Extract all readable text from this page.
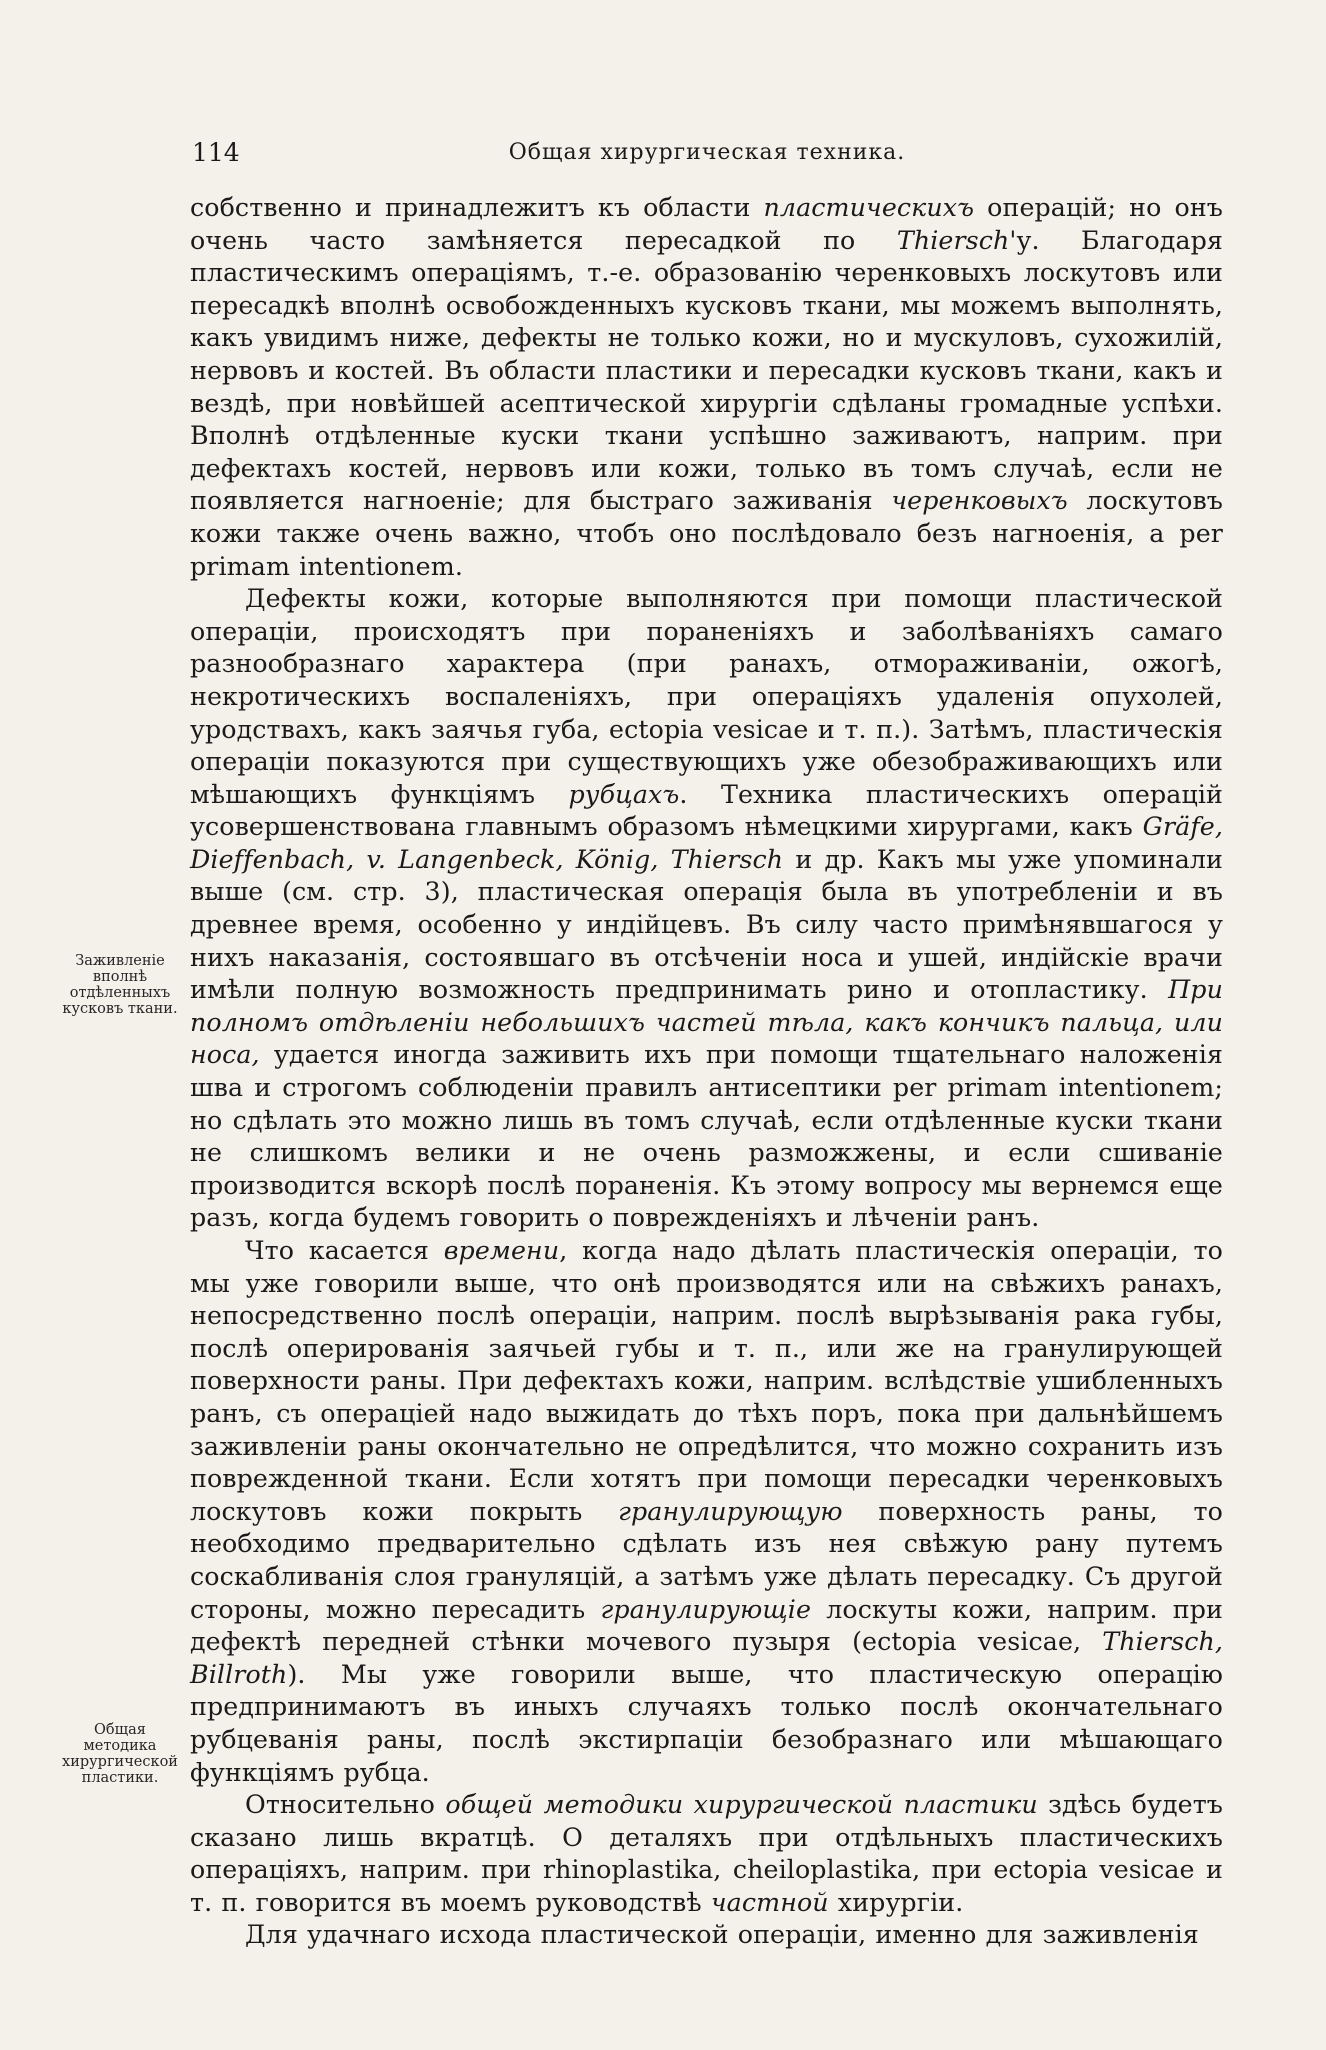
114	Общая хирургическая техника.
Заживленіе вполнѣ отдѣленныхъ кусковъ ткани.
Общая методика хирургической пластики.

собственно и принадлежитъ къ области пластическихъ операцій; но онъ очень часто замѣняется пересадкой по Thiersch'у. Благодаря пластическимъ операціямъ, т.-е. образованію черенковыхъ лоскутовъ или пересадкѣ вполнѣ освобожденныхъ кусковъ ткани, мы можемъ выполнять, какъ увидимъ ниже, дефекты не только кожи, но и мускуловъ, сухожилій, нервовъ и костей. Въ области пластики и пересадки кусковъ ткани, какъ и вездѣ, при новѣйшей асептической хирургіи сдѣланы громадные успѣхи. Вполнѣ отдѣленные куски ткани успѣшно заживаютъ, наприм. при дефектахъ костей, нервовъ или кожи, только въ томъ случаѣ, если не появляется нагноеніе; для быстраго заживанія черенковыхъ лоскутовъ кожи также очень важно, чтобъ оно послѣдовало безъ нагноенія, а per primam intentionem.

Дефекты кожи, которые выполняются при помощи пластической операціи, происходятъ при пораненіяхъ и заболѣваніяхъ самаго разнообразнаго характера (при ранахъ, отмораживаніи, ожогѣ, некротическихъ воспаленіяхъ, при операціяхъ удаленія опухолей, уродствахъ, какъ заячья губа, ectopia vesicae и т. п.). Затѣмъ, пластическія операціи показуются при существующихъ уже обезображивающихъ или мѣшающихъ функціямъ рубцахъ. Техника пластическихъ операцій усовершенствована главнымъ образомъ нѣмецкими хирургами, какъ Gräfe, Dieffenbach, v. Langenbeck, König, Thiersch и др. Какъ мы уже упоминали выше (см. стр. 3), пластическая операція была въ употребленіи и въ древнее время, особенно у индійцевъ. Въ силу часто примѣнявшагося у нихъ наказанія, состоявшаго въ отсѣченіи носа и ушей, индійскіе врачи имѣли полную возможность предпринимать рино и отопластику. При полномъ отдѣленіи небольшихъ частей тѣла, какъ кончикъ пальца, или носа, удается иногда заживить ихъ при помощи тщательнаго наложенія шва и строгомъ соблюденіи правилъ антисептики per primam intentionem; но сдѣлать это можно лишь въ томъ случаѣ, если отдѣленные куски ткани не слишкомъ велики и не очень разможжены, и если сшиваніе производится вскорѣ послѣ пораненія. Къ этому вопросу мы вернемся еще разъ, когда будемъ говорить о поврежденіяхъ и лѣченіи ранъ.

Что касается времени, когда надо дѣлать пластическія операціи, то мы уже говорили выше, что онѣ производятся или на свѣжихъ ранахъ, непосредственно послѣ операціи, наприм. послѣ вырѣзыванія рака губы, послѣ оперированія заячьей губы и т. п., или же на гранулирующей поверхности раны. При дефектахъ кожи, наприм. вслѣдствіе ушибленныхъ ранъ, съ операціей надо выжидать до тѣхъ поръ, пока при дальнѣйшемъ заживленіи раны окончательно не опредѣлится, что можно сохранить изъ поврежденной ткани. Если хотятъ при помощи пересадки черенковыхъ лоскутовъ кожи покрыть гранулирующую поверхность раны, то необходимо предварительно сдѣлать изъ нея свѣжую рану путемъ соскабливанія слоя грануляцій, а затѣмъ уже дѣлать пересадку. Съ другой стороны, можно пересадить гранулирующіе лоскуты кожи, наприм. при дефектѣ передней стѣнки мочевого пузыря (ectopia vesicae, Thiersch, Billroth). Мы уже говорили выше, что пластическую операцію предпринимаютъ въ иныхъ случаяхъ только послѣ окончательнаго рубцеванія раны, послѣ экстирпаціи безобразнаго или мѣшающаго функціямъ рубца.

Относительно общей методики хирургической пластики здѣсь будетъ сказано лишь вкратцѣ. О деталяхъ при отдѣльныхъ пластическихъ операціяхъ, наприм. при rhinoplastika, cheiloplastika, при ectopia vesicae и т. п. говорится въ моемъ руководствѣ частной хирургіи.

Для удачнаго исхода пластической операціи, именно для заживленія
